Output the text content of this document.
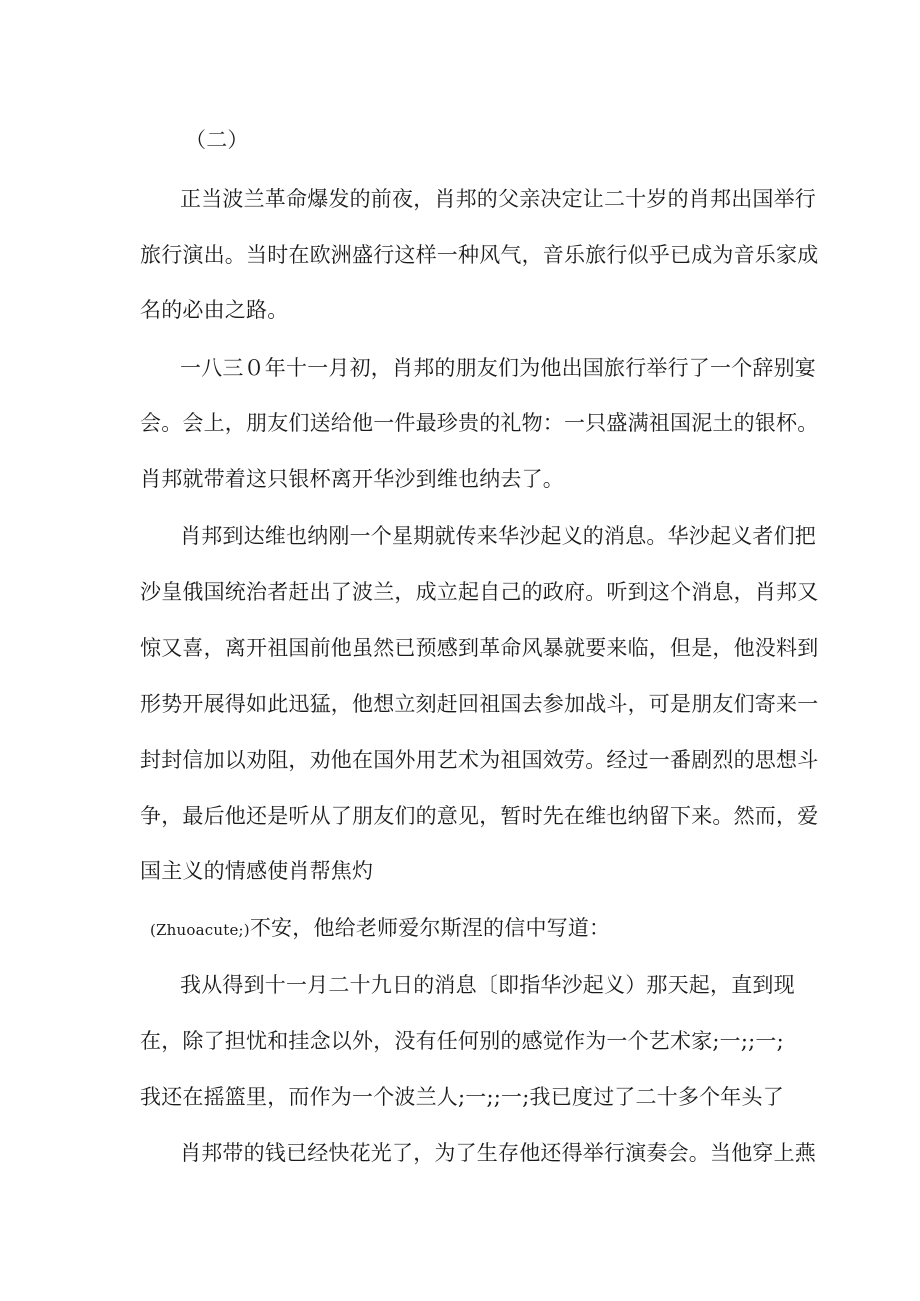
（二）
正当波兰革命爆发的前夜，肖邦的父亲决定让二十岁的肖邦出国举行
旅行演出。当时在欧洲盛行这样一种风气，音乐旅行似乎已成为音乐家成
名的必由之路。
一八三０年十一月初，肖邦的朋友们为他出国旅行举行了一个辞别宴
会。会上，朋友们送给他一件最珍贵的礼物：一只盛满祖国泥土的银杯。
肖邦就带着这只银杯离开华沙到维也纳去了。
肖邦到达维也纳刚一个星期就传来华沙起义的消息。华沙起义者们把
沙皇俄国统治者赶出了波兰，成立起自己的政府。听到这个消息，肖邦又
惊又喜，离开祖国前他虽然已预感到革命风暴就要来临，但是，他没料到
形势开展得如此迅猛，他想立刻赶回祖国去参加战斗，可是朋友们寄来一
封封信加以劝阻，劝他在国外用艺术为祖国效劳。经过一番剧烈的思想斗
争，最后他还是听从了朋友们的意见，暂时先在维也纳留下来。然而，爱
国主义的情感使肖帮焦灼
(Zhuoacute;)不安，他给老师爱尔斯涅的信中写道：
我从得到十一月二十九日的消息〔即指华沙起义）那天起，直到现
在，除了担忧和挂念以外，没有任何别的感觉作为一个艺术家;一;;一;
我还在摇篮里，而作为一个波兰人;一;;一;我已度过了二十多个年头了
肖邦带的钱已经快花光了，为了生存他还得举行演奏会。当他穿上燕
